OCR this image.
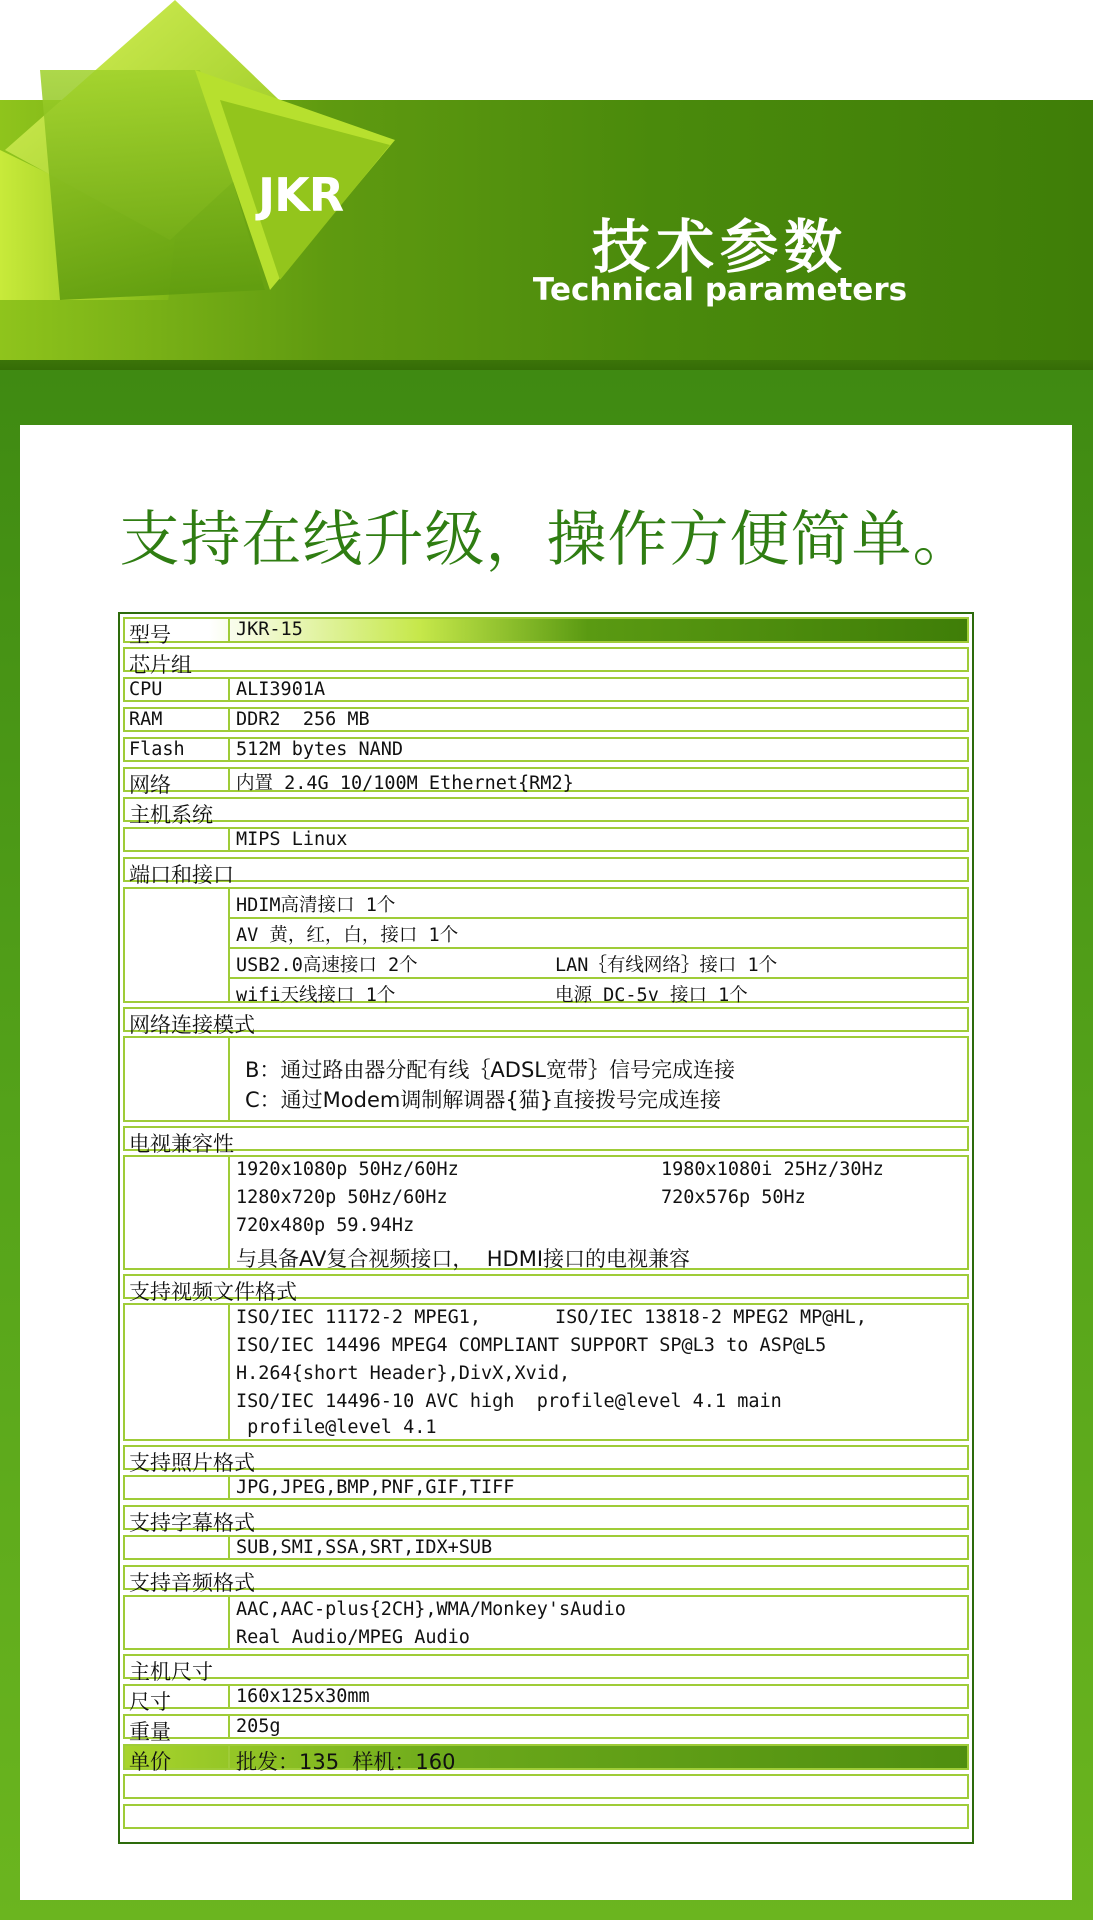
JKR
技术参数
Technical parameters
支持在线升级，操作方便简单。
型号	JKR-15
芯片组
CPU	ALI3901A
RAM	DDR2  256 MB
Flash	512M bytes NAND
网络	内置 2.4G 10/100M Ethernet{RM2}
主机系统
MIPS Linux
端口和接口
HDIM高清接口 1个
AV 黄，红，白，接口 1个
USB2.0高速接口 2个	LAN｛有线网络｝接口 1个
wifi天线接口 1个	电源 DC-5v 接口 1个
网络连接模式
B：通过路由器分配有线｛ADSL宽带｝信号完成连接
C：通过Modem调制解调器{猫}直接拨号完成连接
电视兼容性
1920x1080p 50Hz/60Hz	1980x1080i 25Hz/30Hz
1280x720p 50Hz/60Hz	720x576p 50Hz
720x480p 59.94Hz
与具备AV复合视频接口，  HDMI接口的电视兼容
支持视频文件格式
ISO/IEC 11172-2 MPEG1,	ISO/IEC 13818-2 MPEG2 MP@HL,
ISO/IEC 14496 MPEG4 COMPLIANT SUPPORT SP@L3 to ASP@L5
H.264{short Header},DivX,Xvid,
ISO/IEC 14496-10 AVC high  profile@level 4.1 main
profile@level 4.1
支持照片格式
JPG,JPEG,BMP,PNF,GIF,TIFF
支持字幕格式
SUB,SMI,SSA,SRT,IDX+SUB
支持音频格式
AAC,AAC-plus{2CH},WMA/Monkey'sAudio
Real Audio/MPEG Audio
主机尺寸
尺寸	160x125x30mm
重量	205g
单价	批发：135  样机：160
